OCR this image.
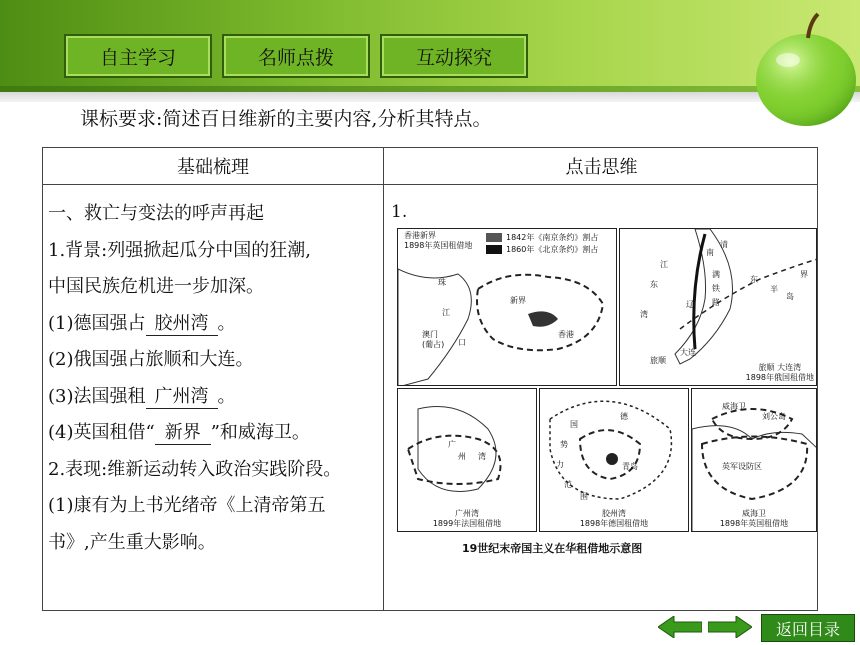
自主学习	名师点拨	互动探究
课标要求:简述百日维新的主要内容,分析其特点。
基础梳理	点击思维
一、救亡与变法的呼声再起
1.背景:列强掀起瓜分中国的狂潮,
中国民族危机进一步加深。
(1)德国强占 胶州湾 。
(2)俄国强占旅顺和大连。
(3)法国强租 广州湾 。
(4)英国租借“ 新界 ”和威海卫。
2.表现:维新运动转入政治实践阶段。
(1)康有为上书光绪帝《上清帝第五
书》,产生重大影响。
1.
香港新界
1898年英国租借地
1842年《南京条约》割占
1860年《北京条约》割占
珠
江
口
新界
香港
澳门
(葡占)
江
东
湾
南
满
铁
路
东
半
岛
界
清
辽
大连
旅顺
旅顺 大连湾
1898年俄国租借地
广
州 湾
广州湾
1899年法国租借地
德
国
势
力
范
围
青岛
胶州湾
1898年德国租借地
威海卫
刘公岛
英军设防区
威海卫
1898年英国租借地
19世纪末帝国主义在华租借地示意图
返回目录
